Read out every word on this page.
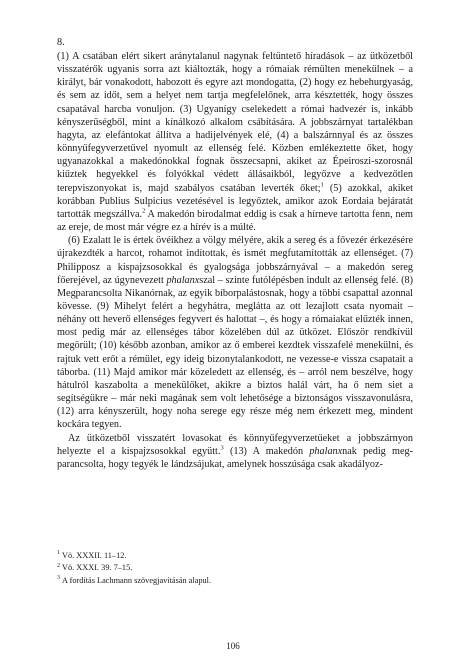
8.

(1) A csatában elért sikert aránytalanul nagynak feltüntető híradások – az ütközetből visszatérők ugyanis sorra azt kiáltozták, hogy a rómaiak rémülten menekülnek – a királyt, bár vonakodott, habozott és egyre azt mondogatta, (2) hogy ez hebehurgyaság, és sem az időt, sem a helyet nem tartja megfelelőnek, arra késztették, hogy összes csapatával harcba vonuljon. (3) Ugyanígy cselekedett a római hadvezér is, inkább kényszerűségből, mint a kínálkozó alkalom csábítására. A jobbszárnyat tartalékban hagyta, az elefántokat állítva a hadijelvények elé, (4) a balszárnnyal és az összes könnyűfegyverzetűvel nyomult az ellenség felé. Közben emlékeztette őket, hogy ugyanazokkal a makedónokkal fognak összecsapni, akiket az Épeiroszi-szorosnál kiűztek hegyekkel és folyókkal védett állásaikból, legyőzve a kedvezőtlen terepviszonyokat is, majd szabályos csatában leverték őket;$^1$ (5) azokkal, akiket korábban Publius Sulpicius vezetésével is legyőztek, amikor azok Eordaia bejáratát tartották megszállva.$^2$ A makedón birodalmat eddig is csak a hírneve tartotta fenn, nem az ereje, de most már végre ez a hírév is a múlté.

(6) Ezalatt le is értek övéikhez a völgy mélyére, akik a sereg és a fővezér érkezésére újrakezdték a harcot, rohamot indítottak, és ismét megfutamították az ellenséget. (7) Philipposz a kispajzsosokkal és gyalogsága jobbszárnyával – a makedón sereg főerejével, az úgynevezett phalanxszal – szinte futólépésben indult az ellenség felé. (8) Megparancsolta Nikanórnak, az egyik bíborpalástosnak, hogy a többi csapattal azonnal kövesse. (9) Mihelyt felért a hegyhátra, meglátta az ott lezajlott csata nyomait – néhány ott heverő ellenséges fegyvert és halottat –, és hogy a rómaiakat elűzték innen, most pedig már az ellenséges tábor közelében dúl az ütközet. Először rendkívül megörült; (10) később azonban, amikor az ő emberei kezdtek visszafelé menekülni, és rajtuk vett erőt a rémület, egy ideig bizonytalankodott, ne vezesse-e vissza csapatait a táborba. (11) Majd amikor már közeledett az ellenség, és – arról nem beszélve, hogy hátulról kaszabolta a menekülőket, akikre a biztos halál várt, ha ő nem siet a segítségükre – már neki magának sem volt lehetősége a biztonságos visszavonulásra, (12) arra kényszerült, hogy noha serege egy része még nem érkezett meg, mindent kockára tegyen.

Az ütközetből visszatért lovasokat és könnyűfegyverzetűeket a jobbszárnyon helyezte el a kispajzsosokkal együtt.$^3$ (13) A makedón phalanxnak pedig megparancsolta, hogy tegyék le lándzsájukat, amelynek hosszúsága csak akadályoz-

$^1$ Vö. XXXII. 11–12.
$^2$ Vö. XXXI. 39. 7–15.
$^3$ A fordítás Lachmann szövegjavításán alapul.
106
